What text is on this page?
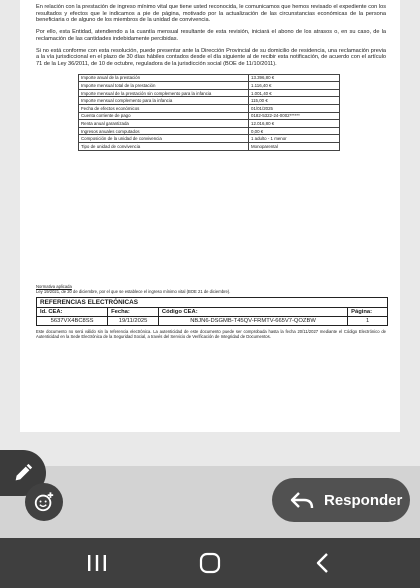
En relación con la prestación de ingreso mínimo vital que tiene usted reconocida, le comunicamos que hemos revisado el expediente con los resultados y efectos que le indicamos a pie de página, motivado por la actualización de las circunstancias económicas de la persona beneficiaria o de alguno de los miembros de la unidad de convivencia.

Por ello, esta Entidad, atendiendo a la cuantía mensual resultante de esta revisión, iniciará el abono de los atrasos o, en su caso, de la reclamación de las cantidades indebidamente percibidas.

Si no está conforme con esta resolución, puede presentar ante la Dirección Provincial de su domicilio de residencia, una reclamación previa a la vía jurisdiccional en el plazo de 30 días hábiles contados desde el día siguiente al de recibir esta notificación, de acuerdo con el artículo 71 de la Ley 36/2011, de 10 de octubre, reguladora de la jurisdicción social (BOE de 11/10/2011).

Importe anual de la prestación	13.396,80 €
Importe mensual total de la prestación	1.116,40 €
Importe mensual de la prestación sin complemento para la infancia	1.001,40 €
Importe mensual complemento para la infancia	115,00 €
Fecha de efectos económicos	01/01/2025
Cuenta corriente de pago	0182-5322-24-0002******
Renta anual garantizada	12.016,80 €
Ingresos anuales computados	0,00 €
Composición de la unidad de convivencia	1 adulto - 1 menor
Tipo de unidad de convivencia	Monoparental
Normativa aplicada
Ley 19/2021, de 20 de diciembre, por el que se establece el ingreso mínimo vital (BOE 21 de diciembre).
REFERENCIAS ELECTRÓNICAS			
Id. CEA:	Fecha:	Código CEA:	Página:
5637VX4BC8SS	19/11/2025	NBJN6-DSGMB-T45QV-FRMTV-665V7-QOZBW	1
Este documento no será válido sin la referencia electrónica. La autenticidad de este documento puede ser comprobada hasta la fecha 20/11/2027 mediante el Código Electrónico de Autenticidad en la Sede Electrónica de la Seguridad Social, a través del Servicio de Verificación de Integridad de Documentos.
Responder
